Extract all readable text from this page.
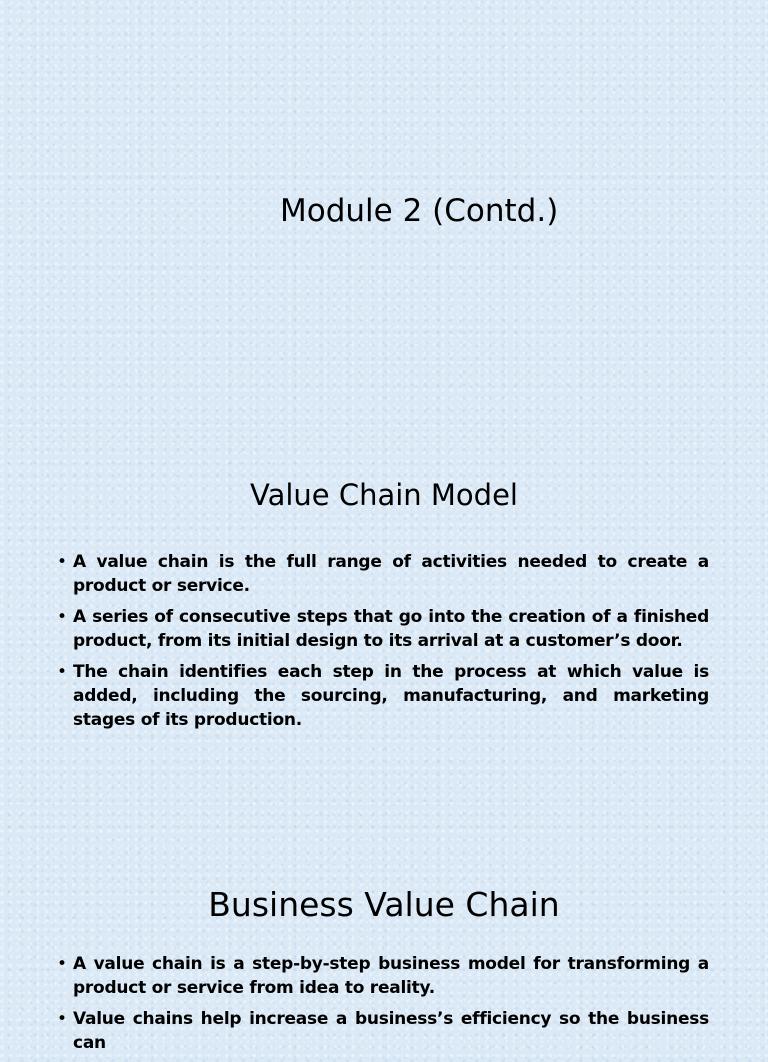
Module 2 (Contd.)
Value Chain Model
• A value chain is the full range of activities needed to create a product or service.
• A series of consecutive steps that go into the creation of a finished product, from its initial design to its arrival at a customer’s door.
• The chain identifies each step in the process at which value is added, including the sourcing, manufacturing, and marketing stages of its production.
Business Value Chain
• A value chain is a step-by-step business model for transforming a product or service from idea to reality.
• Value chains help increase a business’s efficiency so the business can
